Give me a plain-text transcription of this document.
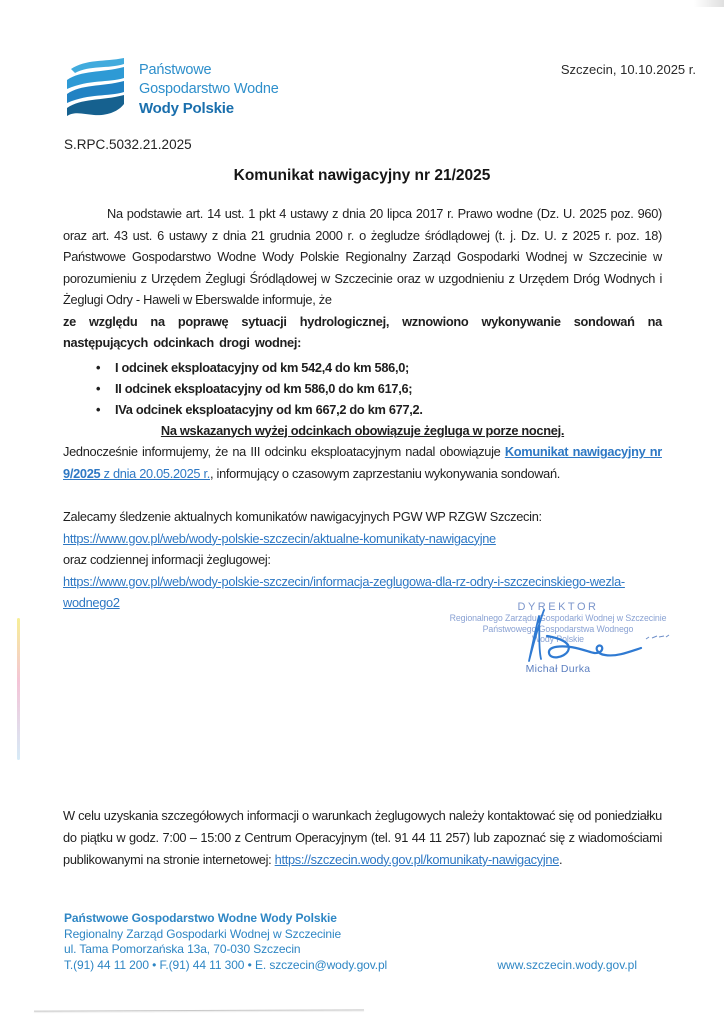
Państwowe
Gospodarstwo Wodne
Wody Polskie
Szczecin, 10.10.2025 r.
S.RPC.5032.21.2025
Komunikat nawigacyjny nr 21/2025

Na podstawie art. 14 ust. 1 pkt 4 ustawy z dnia 20 lipca 2017 r. Prawo wodne (Dz. U. 2025 poz. 960) oraz art. 43 ust. 6 ustawy z dnia 21 grudnia 2000 r. o żegludze śródlądowej (t. j. Dz. U. z 2025 r. poz. 18) Państwowe Gospodarstwo Wodne Wody Polskie Regionalny Zarząd Gospodarki Wodnej w Szczecinie w porozumieniu z Urzędem Żeglugi Śródlądowej w Szczecinie oraz w uzgodnieniu z Urzędem Dróg Wodnych i Żeglugi Odry - Haweli w Eberswalde informuje, że

ze względu na poprawę sytuacji hydrologicznej, wznowiono wykonywanie sondowań na następujących odcinkach drogi wodnej:

• I odcinek eksploatacyjny od km 542,4 do km 586,0;
• II odcinek eksploatacyjny od km 586,0 do km 617,6;
• IVa odcinek eksploatacyjny od km 667,2 do km 677,2.

Na wskazanych wyżej odcinkach obowiązuje żegluga w porze nocnej.

Jednocześnie informujemy, że na III odcinku eksploatacyjnym nadal obowiązuje Komunikat nawigacyjny nr 9/2025 z dnia 20.05.2025 r., informujący o czasowym zaprzestaniu wykonywania sondowań.

Zalecamy śledzenie aktualnych komunikatów nawigacyjnych PGW WP RZGW Szczecin:

https://www.gov.pl/web/wody-polskie-szczecin/aktualne-komunikaty-nawigacyjne

oraz codziennej informacji żeglugowej:

https://www.gov.pl/web/wody-polskie-szczecin/informacja-zeglugowa-dla-rz-odry-i-szczecinskiego-wezla-wodnego2	DYREKTOR
Regionalnego Zarządu Gospodarki Wodnej w Szczecinie
Państwowego Gospodarstwa Wodnego
Wody Polskie
Michał Durka

W celu uzyskania szczegółowych informacji o warunkach żeglugowych należy kontaktować się od poniedziałku do piątku w godz. 7:00 – 15:00 z Centrum Operacyjnym (tel. 91 44 11 257) lub zapoznać się z wiadomościami publikowanymi na stronie internetowej: https://szczecin.wody.gov.pl/komunikaty-nawigacyjne.

Państwowe Gospodarstwo Wodne Wody Polskie
Regionalny Zarząd Gospodarki Wodnej w Szczecinie
ul. Tama Pomorzańska 13a, 70-030 Szczecin
T.(91) 44 11 200 • F.(91) 44 11 300 • E. szczecin@wody.gov.pl	www.szczecin.wody.gov.pl
